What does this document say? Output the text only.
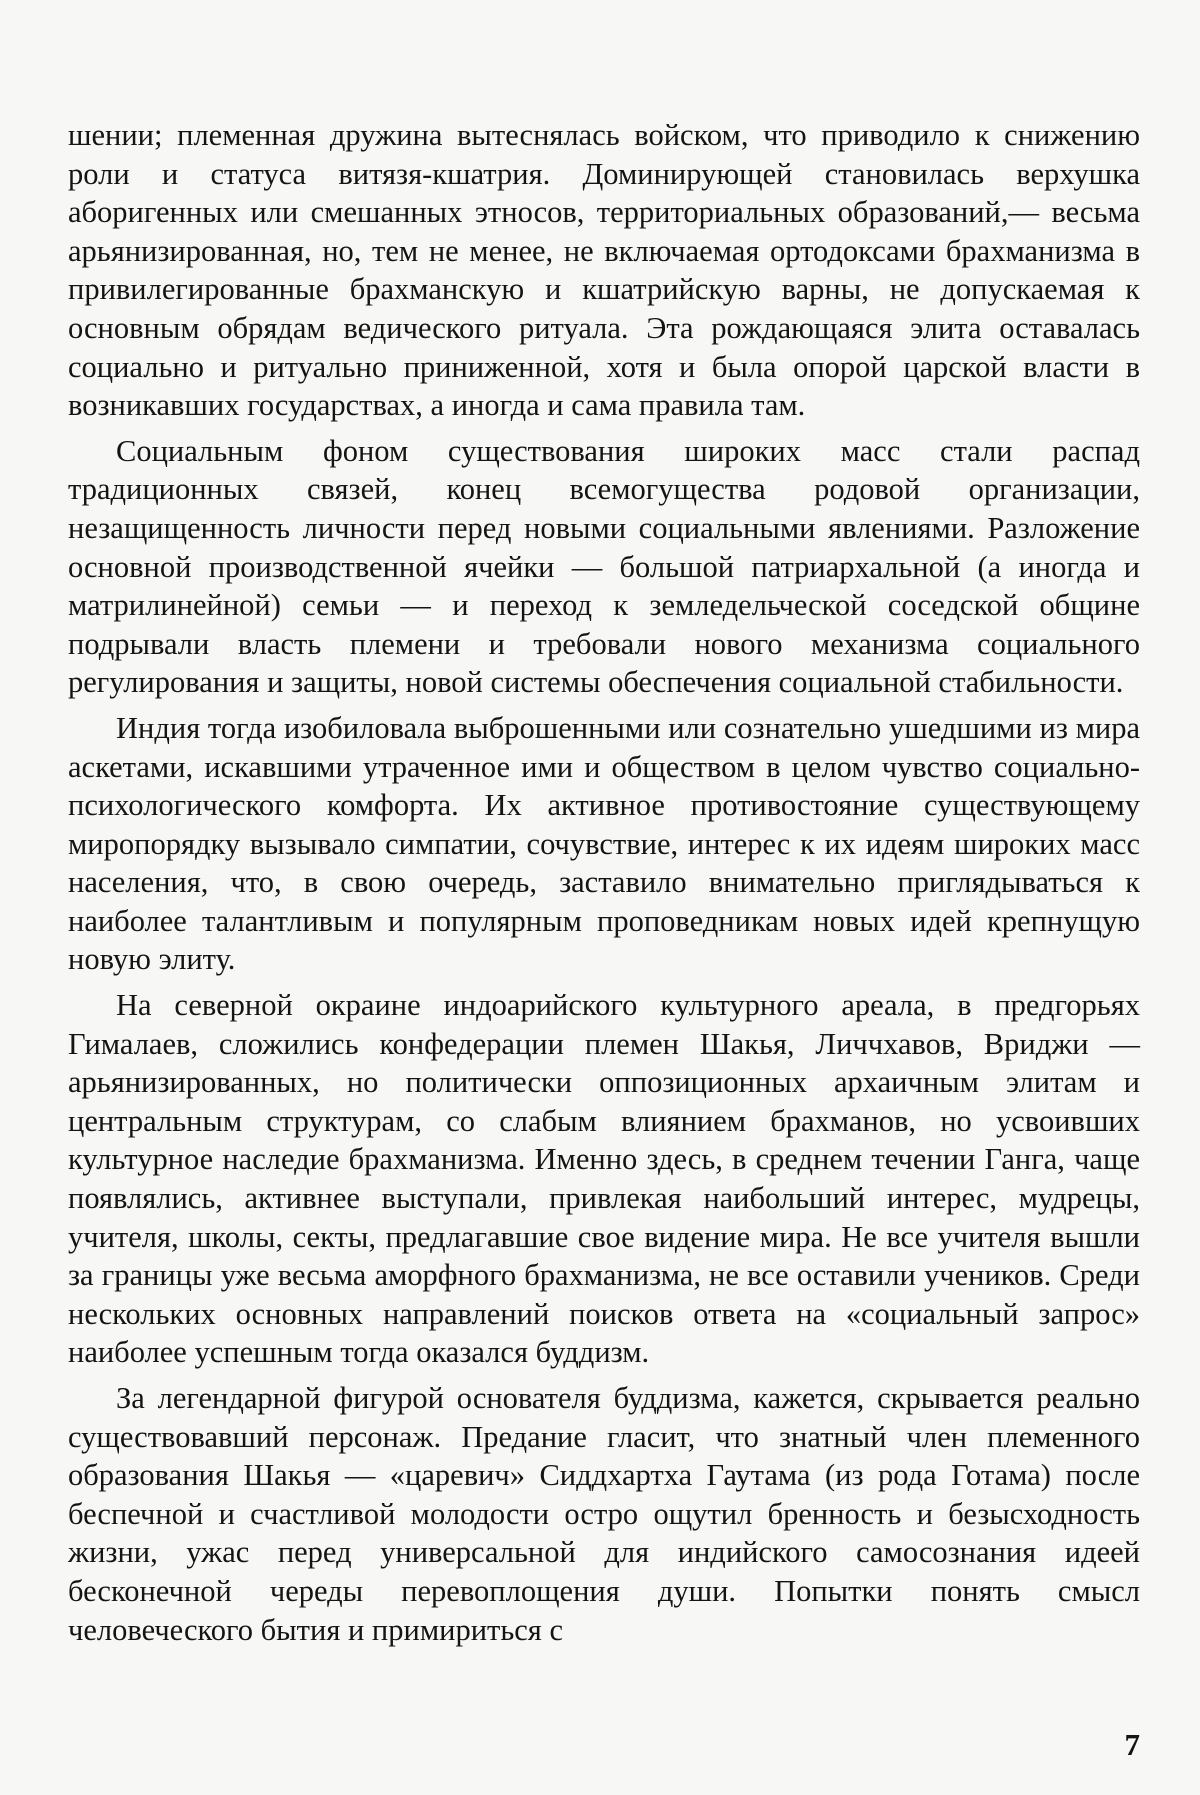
шении; племенная дружина вытеснялась войском, что приводило к снижению роли и статуса витязя-кшатрия. Доминирующей становилась верхушка аборигенных или смешанных этносов, территориальных образований,— весьма арьянизированная, но, тем не менее, не включаемая ортодоксами брахманизма в привилегированные брахманскую и кшатрийскую варны, не допускаемая к основным обрядам ведического ритуала. Эта рождающаяся элита оставалась социально и ритуально приниженной, хотя и была опорой царской власти в возникавших государствах, а иногда и сама правила там.

Социальным фоном существования широких масс стали распад традиционных связей, конец всемогущества родовой организации, незащищенность личности перед новыми социальными явлениями. Разложение основной производственной ячейки — большой патриархальной (а иногда и матрилинейной) семьи — и переход к земледельческой соседской общине подрывали власть племени и требовали нового механизма социального регулирования и защиты, новой системы обеспечения социальной стабильности.

Индия тогда изобиловала выброшенными или сознательно ушедшими из мира аскетами, искавшими утраченное ими и обществом в целом чувство социально-психологического комфорта. Их активное противостояние существующему миропорядку вызывало симпатии, сочувствие, интерес к их идеям широких масс населения, что, в свою очередь, заставило внимательно приглядываться к наиболее талантливым и популярным проповедникам новых идей крепнущую новую элиту.

На северной окраине индоарийского культурного ареала, в предгорьях Гималаев, сложились конфедерации племен Шакья, Личчхавов, Вриджи — арьянизированных, но политически оппозиционных архаичным элитам и центральным структурам, со слабым влиянием брахманов, но усвоивших культурное наследие брахманизма. Именно здесь, в среднем течении Ганга, чаще появлялись, активнее выступали, привлекая наибольший интерес, мудрецы, учителя, школы, секты, предлагавшие свое видение мира. Не все учителя вышли за границы уже весьма аморфного брахманизма, не все оставили учеников. Среди нескольких основных направлений поисков ответа на «социальный запрос» наиболее успешным тогда оказался буддизм.

За легендарной фигурой основателя буддизма, кажется, скрывается реально существовавший персонаж. Предание гласит, что знатный член племенного образования Шакья — «царевич» Сиддхартха Гаутама (из рода Готама) после беспечной и счастливой молодости остро ощутил бренность и безысходность жизни, ужас перед универсальной для индийского самосознания идеей бесконечной череды перевоплощения души. Попытки понять смысл человеческого бытия и примириться с

7
